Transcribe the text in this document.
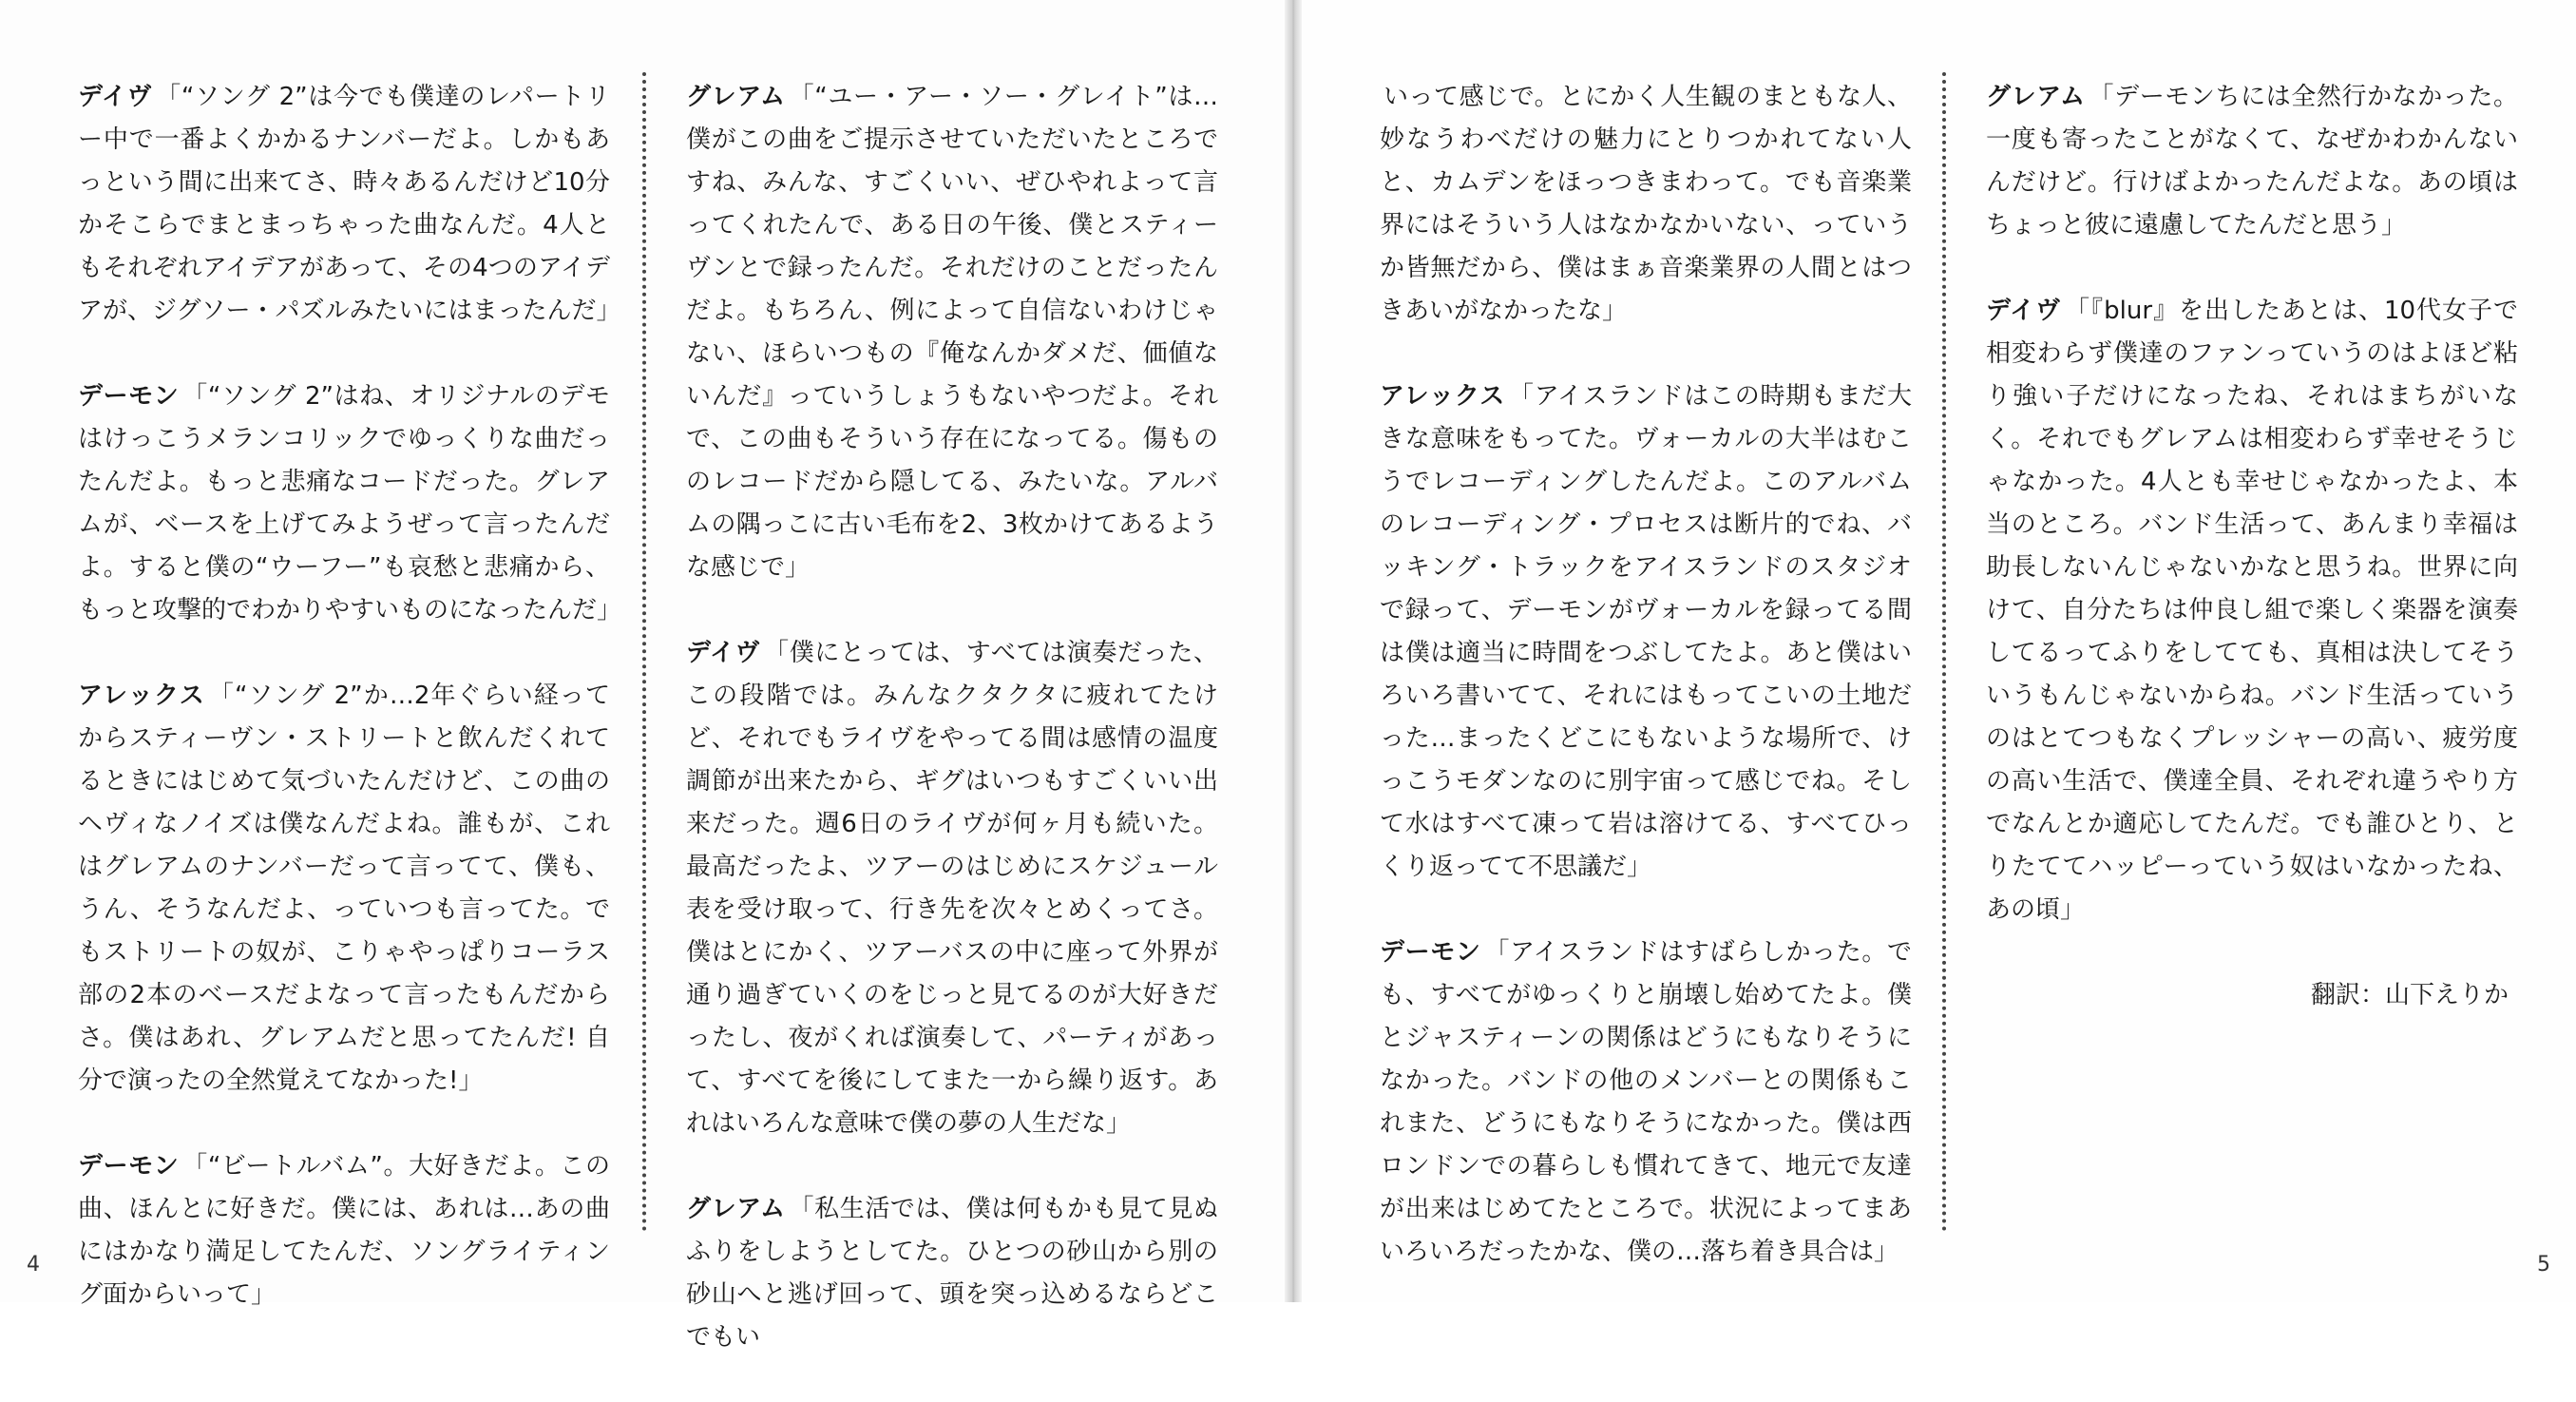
デイヴ 「“ソング 2”は今でも僕達のレパートリー中で一番よくかかるナンバーだよ。しかもあっという間に出来てさ、時々あるんだけど10分かそこらでまとまっちゃった曲なんだ。4人ともそれぞれアイデアがあって、その4つのアイデアが、ジグソー・パズルみたいにはまったんだ」

デーモン 「“ソング 2”はね、オリジナルのデモはけっこうメランコリックでゆっくりな曲だったんだよ。もっと悲痛なコードだった。グレアムが、ベースを上げてみようぜって言ったんだよ。すると僕の“ウーフー”も哀愁と悲痛から、もっと攻撃的でわかりやすいものになったんだ」

アレックス 「“ソング 2”か…2年ぐらい経ってからスティーヴン・ストリートと飲んだくれてるときにはじめて気づいたんだけど、この曲のヘヴィなノイズは僕なんだよね。誰もが、これはグレアムのナンバーだって言ってて、僕も、うん、そうなんだよ、っていつも言ってた。でもストリートの奴が、こりゃやっぱりコーラス部の2本のベースだよなって言ったもんだからさ。僕はあれ、グレアムだと思ってたんだ! 自分で演ったの全然覚えてなかった!」

デーモン 「“ビートルバム”。大好きだよ。この曲、ほんとに好きだ。僕には、あれは…あの曲にはかなり満足してたんだ、ソングライティング面からいって」

グレアム 「“ユー・アー・ソー・グレイト”は…僕がこの曲をご提示させていただいたところですね、みんな、すごくいい、ぜひやれよって言ってくれたんで、ある日の午後、僕とスティーヴンとで録ったんだ。それだけのことだったんだよ。もちろん、例によって自信ないわけじゃない、ほらいつもの『俺なんかダメだ、価値ないんだ』っていうしょうもないやつだよ。それで、この曲もそういう存在になってる。傷もののレコードだから隠してる、みたいな。アルバムの隅っこに古い毛布を2、3枚かけてあるような感じで」

デイヴ 「僕にとっては、すべては演奏だった、この段階では。みんなクタクタに疲れてたけど、それでもライヴをやってる間は感情の温度調節が出来たから、ギグはいつもすごくいい出来だった。週6日のライヴが何ヶ月も続いた。最高だったよ、ツアーのはじめにスケジュール表を受け取って、行き先を次々とめくってさ。僕はとにかく、ツアーバスの中に座って外界が通り過ぎていくのをじっと見てるのが大好きだったし、夜がくれば演奏して、パーティがあって、すべてを後にしてまた一から繰り返す。あれはいろんな意味で僕の夢の人生だな」

グレアム 「私生活では、僕は何もかも見て見ぬふりをしようとしてた。ひとつの砂山から別の砂山へと逃げ回って、頭を突っ込めるならどこでもい

4

いって感じで。とにかく人生観のまともな人、妙なうわべだけの魅力にとりつかれてない人と、カムデンをほっつきまわって。でも音楽業界にはそういう人はなかなかいない、っていうか皆無だから、僕はまぁ音楽業界の人間とはつきあいがなかったな」

アレックス 「アイスランドはこの時期もまだ大きな意味をもってた。ヴォーカルの大半はむこうでレコーディングしたんだよ。このアルバムのレコーディング・プロセスは断片的でね、バッキング・トラックをアイスランドのスタジオで録って、デーモンがヴォーカルを録ってる間は僕は適当に時間をつぶしてたよ。あと僕はいろいろ書いてて、それにはもってこいの土地だった…まったくどこにもないような場所で、けっこうモダンなのに別宇宙って感じでね。そして水はすべて凍って岩は溶けてる、すべてひっくり返ってて不思議だ」

デーモン 「アイスランドはすばらしかった。でも、すべてがゆっくりと崩壊し始めてたよ。僕とジャスティーンの関係はどうにもなりそうになかった。バンドの他のメンバーとの関係もこれまた、どうにもなりそうになかった。僕は西ロンドンでの暮らしも慣れてきて、地元で友達が出来はじめてたところで。状況によってまあいろいろだったかな、僕の…落ち着き具合は」

グレアム 「デーモンちには全然行かなかった。一度も寄ったことがなくて、なぜかわかんないんだけど。行けばよかったんだよな。あの頃はちょっと彼に遠慮してたんだと思う」

デイヴ 「『blur』を出したあとは、10代女子で相変わらず僕達のファンっていうのはよほど粘り強い子だけになったね、それはまちがいなく。それでもグレアムは相変わらず幸せそうじゃなかった。4人とも幸せじゃなかったよ、本当のところ。バンド生活って、あんまり幸福は助長しないんじゃないかなと思うね。世界に向けて、自分たちは仲良し組で楽しく楽器を演奏してるってふりをしてても、真相は決してそういうもんじゃないからね。バンド生活っていうのはとてつもなくプレッシャーの高い、疲労度の高い生活で、僕達全員、それぞれ違うやり方でなんとか適応してたんだ。でも誰ひとり、とりたててハッピーっていう奴はいなかったね、あの頃」

翻訳：山下えりか

5
